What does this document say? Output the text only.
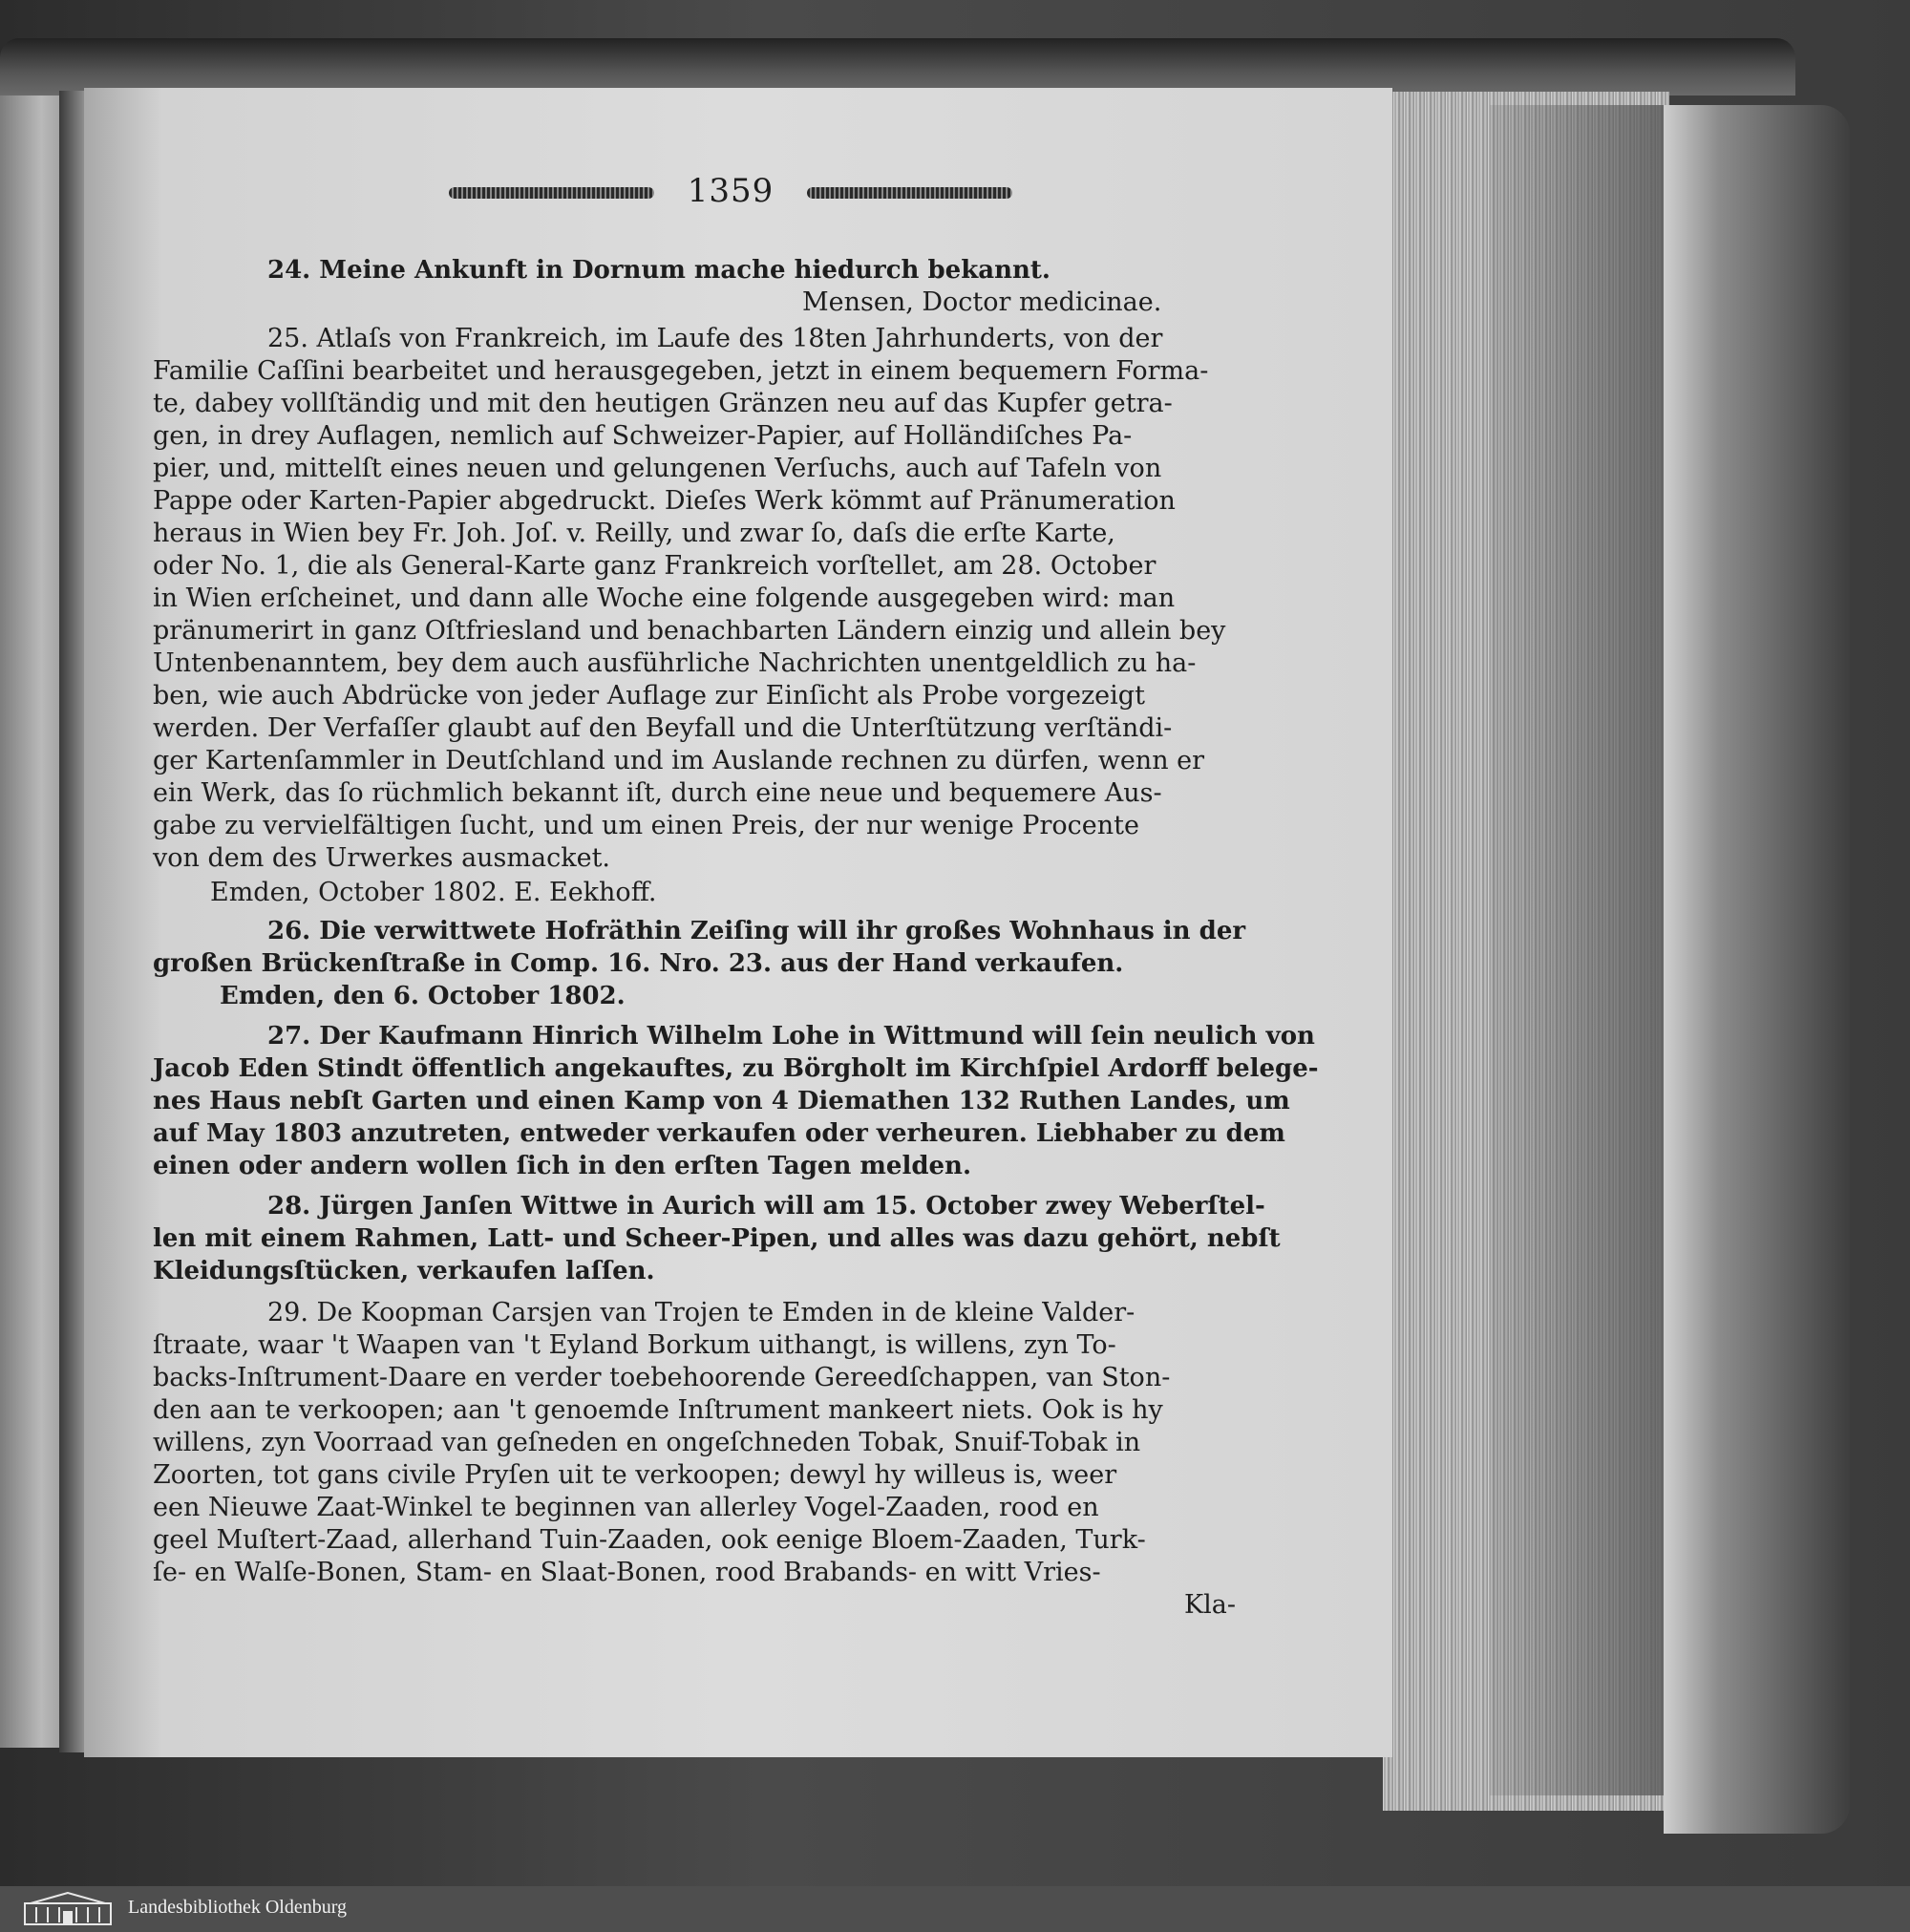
1359
24. Meine Ankunft in Dornum mache hiedurch bekannt.
Mensen, Doctor medicinae.
25. Atlaſs von Frankreich, im Laufe des 18ten Jahrhunderts, von der
Familie Caſſini bearbeitet und herausgegeben, jetzt in einem bequemern Forma-
te, dabey vollſtändig und mit den heutigen Gränzen neu auf das Kupfer getra-
gen, in drey Auflagen, nemlich auf Schweizer-Papier, auf Holländiſches Pa-
pier, und, mittelſt eines neuen und gelungenen Verſuchs, auch auf Tafeln von
Pappe oder Karten-Papier abgedruckt. Dieſes Werk kömmt auf Pränumeration
heraus in Wien bey Fr. Joh. Joſ. v. Reilly, und zwar ſo, daſs die erſte Karte,
oder No. 1, die als General-Karte ganz Frankreich vorſtellet, am 28. October
in Wien erſcheinet, und dann alle Woche eine folgende ausgegeben wird: man
pränumerirt in ganz Oſtfriesland und benachbarten Ländern einzig und allein bey
Untenbenanntem, bey dem auch ausführliche Nachrichten unentgeldlich zu ha-
ben, wie auch Abdrücke von jeder Auflage zur Einſicht als Probe vorgezeigt
werden. Der Verfaſſer glaubt auf den Beyfall und die Unterſtützung verſtändi-
ger Kartenſammler in Deutſchland und im Auslande rechnen zu dürfen, wenn er
ein Werk, das ſo rüchmlich bekannt iſt, durch eine neue und bequemere Aus-
gabe zu vervielfältigen ſucht, und um einen Preis, der nur wenige Procente
von dem des Urwerkes ausmacket.
Emden, October 1802. E. Eekhoff.
26. Die verwittwete Hofräthin Zeiſing will ihr großes Wohnhaus in der
großen Brückenſtraße in Comp. 16. Nro. 23. aus der Hand verkaufen.
Emden, den 6. October 1802.
27. Der Kaufmann Hinrich Wilhelm Lohe in Wittmund will ſein neulich von
Jacob Eden Stindt öffentlich angekauftes, zu Börgholt im Kirchſpiel Ardorff belege-
nes Haus nebſt Garten und einen Kamp von 4 Diemathen 132 Ruthen Landes, um
auf May 1803 anzutreten, entweder verkaufen oder verheuren. Liebhaber zu dem
einen oder andern wollen ſich in den erſten Tagen melden.
28. Jürgen Janſen Wittwe in Aurich will am 15. October zwey Weberſtel-
len mit einem Rahmen, Latt- und Scheer-Pipen, und alles was dazu gehört, nebſt
Kleidungsſtücken, verkaufen laſſen.
29. De Koopman Carsjen van Trojen te Emden in de kleine Valder-
ſtraate, waar 't Waapen van 't Eyland Borkum uithangt, is willens, zyn To-
backs-Inſtrument-Daare en verder toebehoorende Gereedſchappen, van Ston-
den aan te verkoopen; aan 't genoemde Inſtrument mankeert niets. Ook is hy
willens, zyn Voorraad van geſneden en ongeſchneden Tobak, Snuif-Tobak in
Zoorten, tot gans civile Pryſen uit te verkoopen; dewyl hy willeus is, weer
een Nieuwe Zaat-Winkel te beginnen van allerley Vogel-Zaaden, rood en
geel Muſtert-Zaad, allerhand Tuin-Zaaden, ook eenige Bloem-Zaaden, Turk-
ſe- en Walſe-Bonen, Stam- en Slaat-Bonen, rood Brabands- en witt Vries-
Kla-
Landesbibliothek Oldenburg
